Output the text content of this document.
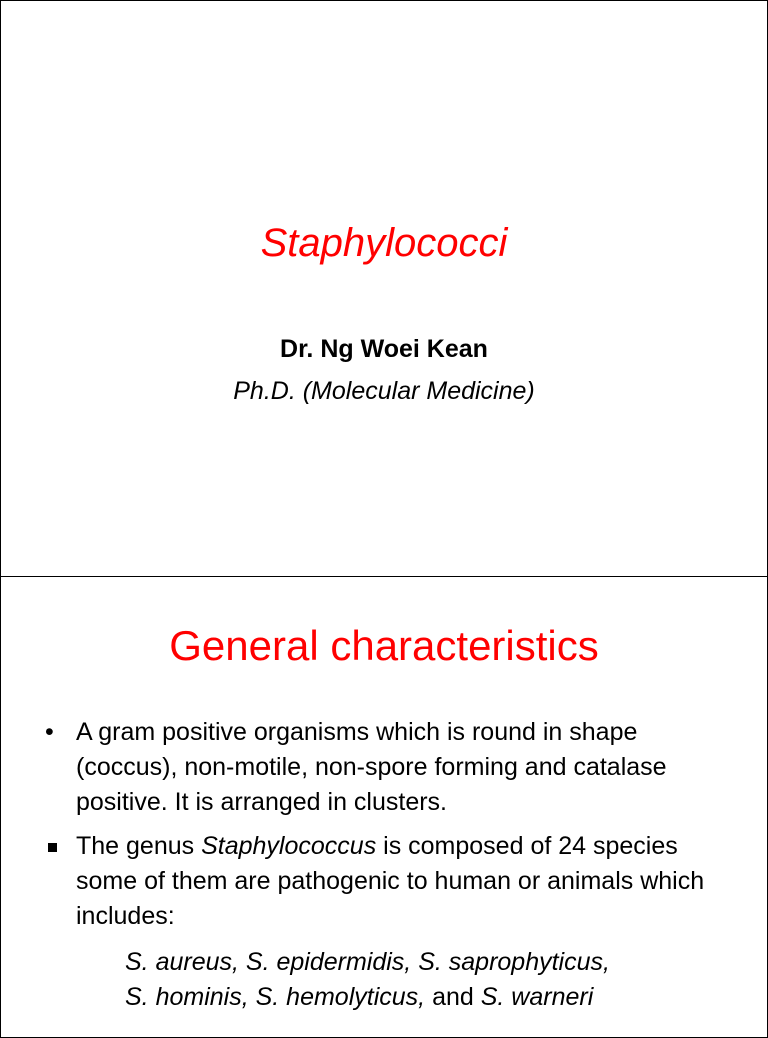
Staphylococci
Dr. Ng Woei Kean
Ph.D. (Molecular Medicine)
General characteristics
• A gram positive organisms which is round in shape (coccus), non-motile, non-spore forming and catalase positive. It is arranged in clusters.
The genus Staphylococcus is composed of 24 species some of them are pathogenic to human or animals which includes:
S. aureus, S. epidermidis, S. saprophyticus,
S. hominis, S. hemolyticus, and S. warneri
